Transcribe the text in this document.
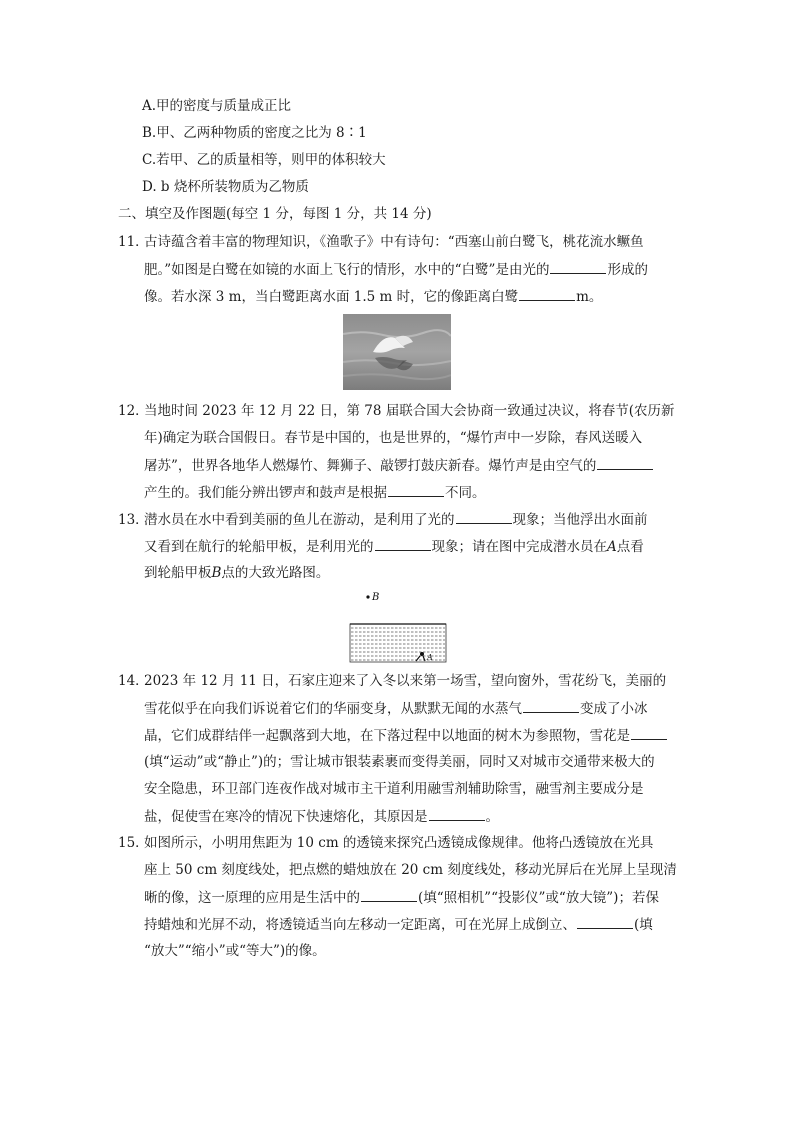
A.甲的密度与质量成正比
B.甲、乙两种物质的密度之比为 8∶1
C.若甲、乙的质量相等，则甲的体积较大
D. b 烧杯所装物质为乙物质
二、填空及作图题(每空 1 分，每图 1 分，共 14 分)
11．古诗蕴含着丰富的物理知识，《渔歌子》中有诗句：“西塞山前白鹭飞，桃花流水鳜鱼
肥。”如图是白鹭在如镜的水面上飞行的情形，水中的“白鹭”是由光的	形成的
像。若水深 3 m，当白鹭距离水面 1.5 m 时，它的像距离白鹭	m。
12．当地时间 2023 年 12 月 22 日，第 78 届联合国大会协商一致通过决议，将春节(农历新
年)确定为联合国假日。春节是中国的，也是世界的，“爆竹声中一岁除，春风送暖入
屠苏”，世界各地华人燃爆竹、舞狮子、敲锣打鼓庆新春。爆竹声是由空气的
产生的。我们能分辨出锣声和鼓声是根据	不同。
13．潜水员在水中看到美丽的鱼儿在游动，是利用了光的	现象；当他浮出水面前
又看到在航行的轮船甲板，是利用光的	现象；请在图中完成潜水员在A点看
到轮船甲板B点的大致光路图。
B
A
14．2023 年 12 月 11 日，石家庄迎来了入冬以来第一场雪，望向窗外，雪花纷飞，美丽的
雪花似乎在向我们诉说着它们的华丽变身，从默默无闻的水蒸气	变成了小冰
晶，它们成群结伴一起飘落到大地，在下落过程中以地面的树木为参照物，雪花是
(填“运动”或“静止”)的；雪让城市银装素裹而变得美丽，同时又对城市交通带来极大的
安全隐患，环卫部门连夜作战对城市主干道利用融雪剂辅助除雪，融雪剂主要成分是
盐，促使雪在寒冷的情况下快速熔化，其原因是	。
15．如图所示，小明用焦距为 10 cm 的透镜来探究凸透镜成像规律。他将凸透镜放在光具
座上 50 cm 刻度线处，把点燃的蜡烛放在 20 cm 刻度线处，移动光屏后在光屏上呈现清
晰的像，这一原理的应用是生活中的	(填“照相机”“投影仪”或“放大镜”)；若保
持蜡烛和光屏不动，将透镜适当向左移动一定距离，可在光屏上成倒立、	(填
“放大”“缩小”或“等大”)的像。
